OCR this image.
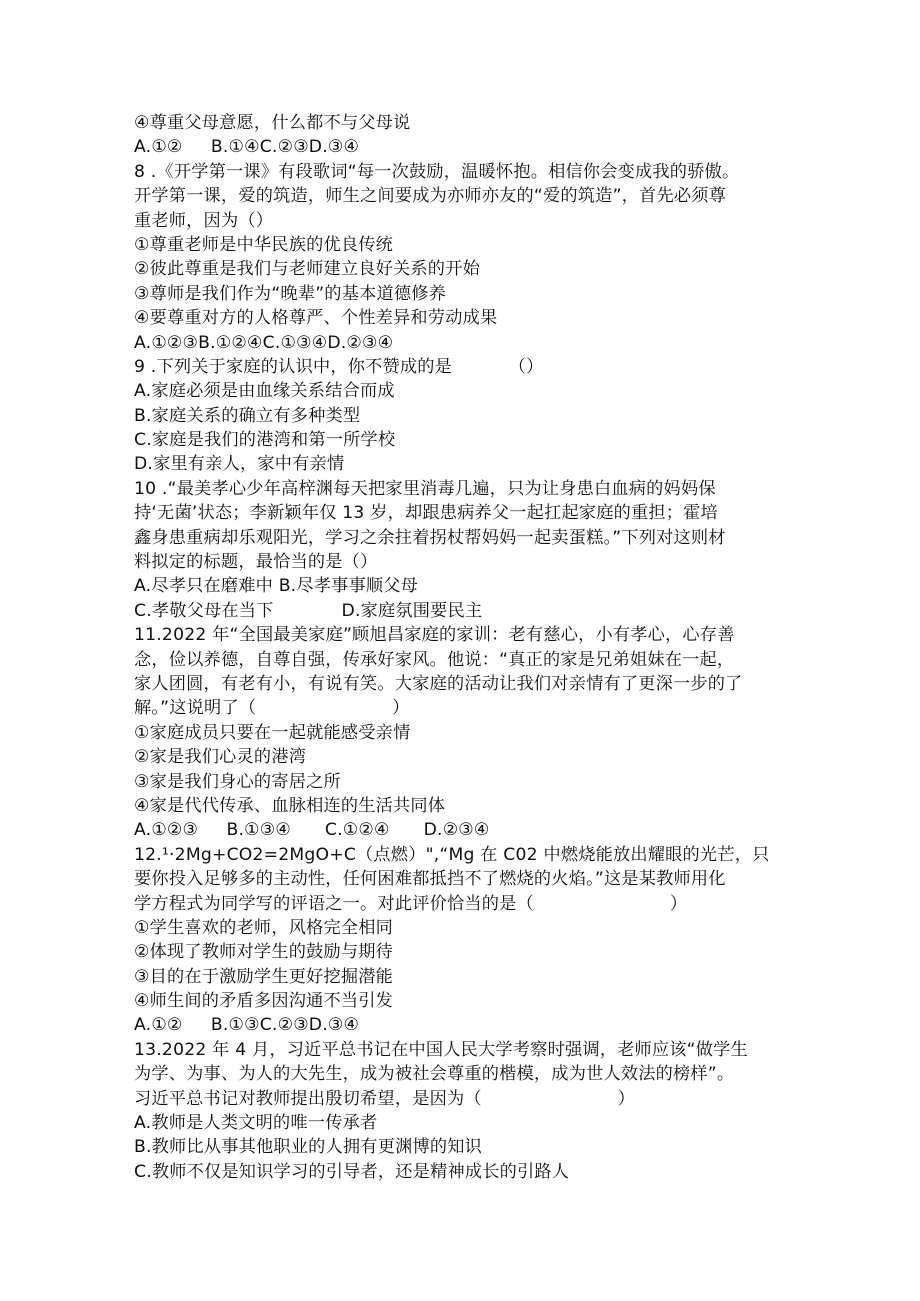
④尊重父母意愿，什么都不与父母说
A.①②     B.①④C.②③D.③④
8 .《开学第一课》有段歌词“每一次鼓励，温暖怀抱。相信你会变成我的骄傲。
开学第一课，爱的筑造，师生之间要成为亦师亦友的“爱的筑造”，首先必须尊
重老师，因为（）
①尊重老师是中华民族的优良传统
②彼此尊重是我们与老师建立良好关系的开始
③尊师是我们作为“晚辈”的基本道德修养
④要尊重对方的人格尊严、个性差异和劳动成果
A.①②③B.①②④C.①③④D.②③④
9 .下列关于家庭的认识中，你不赞成的是          （）
A.家庭必须是由血缘关系结合而成
B.家庭关系的确立有多种类型
C.家庭是我们的港湾和第一所学校
D.家里有亲人，家中有亲情
10 .“最美孝心少年高梓渊每天把家里消毒几遍，只为让身患白血病的妈妈保
持‘无菌’状态；李新颖年仅 13 岁，却跟患病养父一起扛起家庭的重担；霍培
鑫身患重病却乐观阳光，学习之余拄着拐杖帮妈妈一起卖蛋糕。”下列对这则材
料拟定的标题，最恰当的是（）
A.尽孝只在磨难中 B.尽孝事事顺父母
C.孝敬父母在当下            D.家庭氛围要民主
11.2022 年“全国最美家庭”顾旭昌家庭的家训：老有慈心，小有孝心，心存善
念，俭以养德，自尊自强，传承好家风。他说：“真正的家是兄弟姐妹在一起，
家人团圆，有老有小，有说有笑。大家庭的活动让我们对亲情有了更深一步的了
解。”这说明了（                        ）
①家庭成员只要在一起就能感受亲情
②家是我们心灵的港湾
③家是我们身心的寄居之所
④家是代代传承、血脉相连的生活共同体
A.①②③     B.①③④      C.①②④      D.②③④
12.¹·2Mg+CO2=2MgO+C（点燃）",“Mg 在 C02 中燃烧能放出耀眼的光芒，只
要你投入足够多的主动性，任何困难都抵挡不了燃烧的火焰。”这是某教师用化
学方程式为同学写的评语之一。对此评价恰当的是（                        ）
①学生喜欢的老师，风格完全相同
②体现了教师对学生的鼓励与期待
③目的在于激励学生更好挖掘潜能
④师生间的矛盾多因沟通不当引发
A.①②     B.①③C.②③D.③④
13.2022 年 4 月，习近平总书记在中国人民大学考察时强调，老师应该“做学生
为学、为事、为人的大先生，成为被社会尊重的楷模，成为世人效法的榜样”。
习近平总书记对教师提出殷切希望，是因为（                        ）
A.教师是人类文明的唯一传承者
B.教师比从事其他职业的人拥有更渊博的知识
C.教师不仅是知识学习的引导者，还是精神成长的引路人
